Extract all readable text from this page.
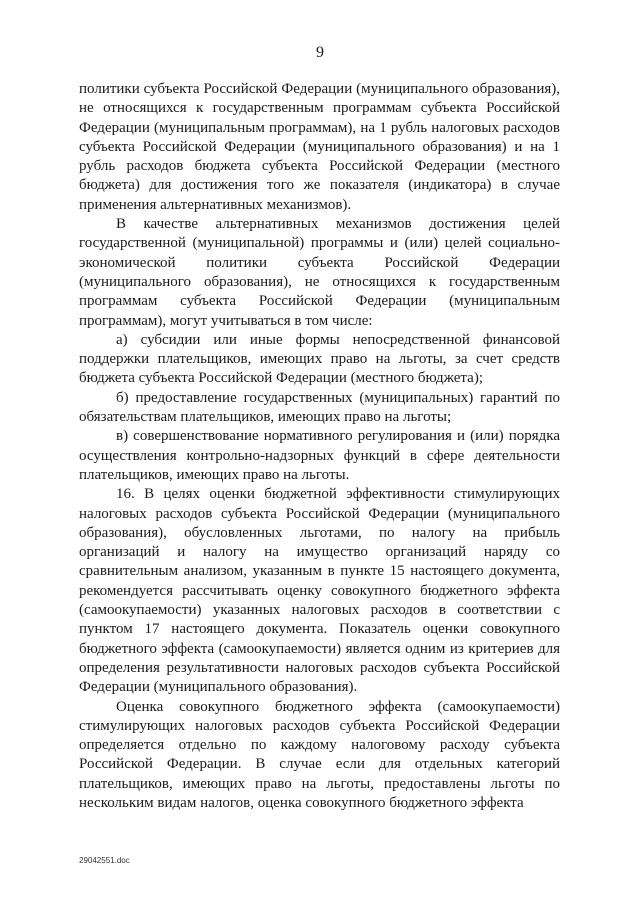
9

политики субъекта Российской Федерации (муниципального образования), не относящихся к государственным программам субъекта Российской Федерации (муниципальным программам), на 1 рубль налоговых расходов субъекта Российской Федерации (муниципального образования) и на 1 рубль расходов бюджета субъекта Российской Федерации (местного бюджета) для достижения того же показателя (индикатора) в случае применения альтернативных механизмов).

В качестве альтернативных механизмов достижения целей государственной (муниципальной) программы и (или) целей социально-экономической политики субъекта Российской Федерации (муниципального образования), не относящихся к государственным программам субъекта Российской Федерации (муниципальным программам), могут учитываться в том числе:

а) субсидии или иные формы непосредственной финансовой поддержки плательщиков, имеющих право на льготы, за счет средств бюджета субъекта Российской Федерации (местного бюджета);

б) предоставление государственных (муниципальных) гарантий по обязательствам плательщиков, имеющих право на льготы;

в) совершенствование нормативного регулирования и (или) порядка осуществления контрольно-надзорных функций в сфере деятельности плательщиков, имеющих право на льготы.

16. В целях оценки бюджетной эффективности стимулирующих налоговых расходов субъекта Российской Федерации (муниципального образования), обусловленных льготами, по налогу на прибыль организаций и налогу на имущество организаций наряду со сравнительным анализом, указанным в пункте 15 настоящего документа, рекомендуется рассчитывать оценку совокупного бюджетного эффекта (самоокупаемости) указанных налоговых расходов в соответствии с пунктом 17 настоящего документа. Показатель оценки совокупного бюджетного эффекта (самоокупаемости) является одним из критериев для определения результативности налоговых расходов субъекта Российской Федерации (муниципального образования).

Оценка совокупного бюджетного эффекта (самоокупаемости) стимулирующих налоговых расходов субъекта Российской Федерации определяется отдельно по каждому налоговому расходу субъекта Российской Федерации. В случае если для отдельных категорий плательщиков, имеющих право на льготы, предоставлены льготы по нескольким видам налогов, оценка совокупного бюджетного эффекта

29042551.doc
